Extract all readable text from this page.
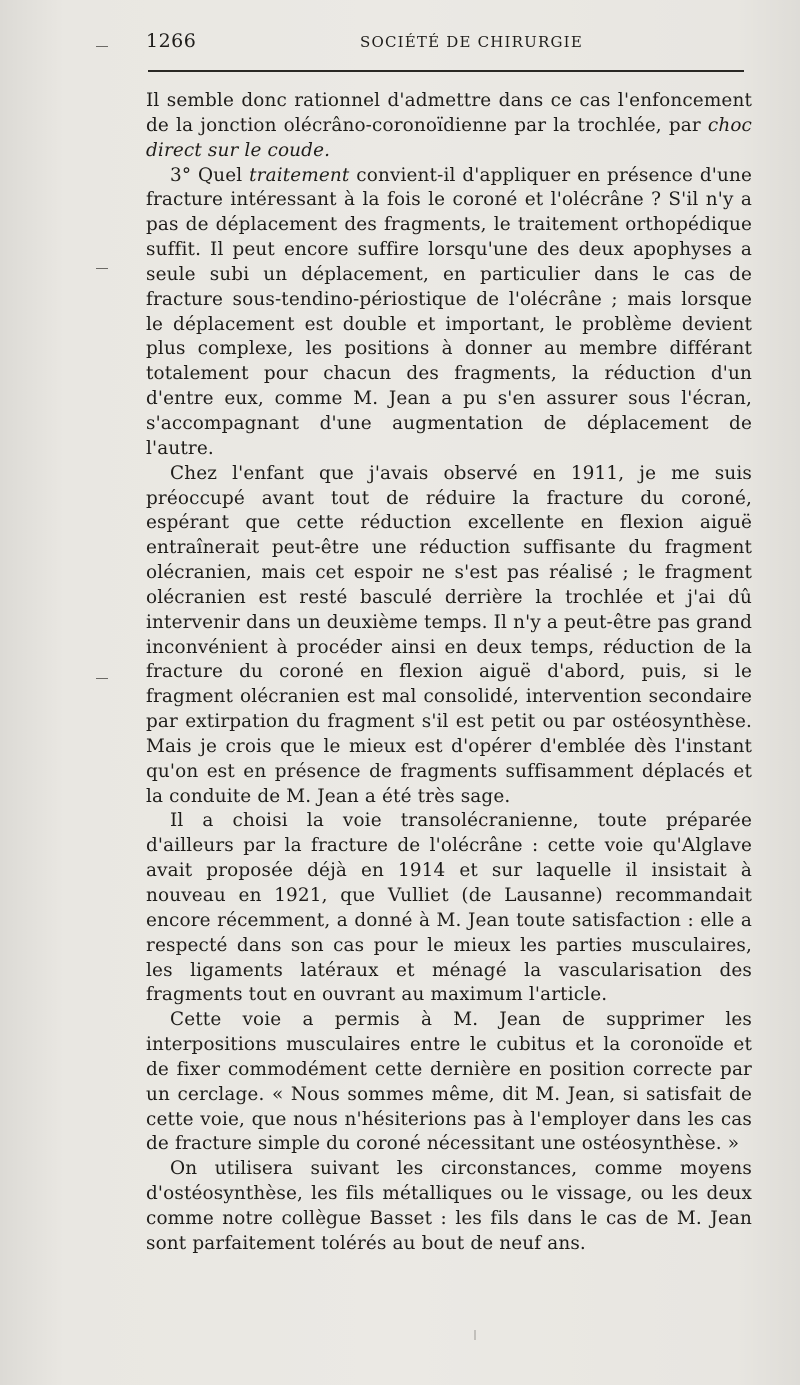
1266	SOCIÉTÉ DE CHIRURGIE

Il semble donc rationnel d'admettre dans ce cas l'enfoncement de la jonction olécrâno-coronoïdienne par la trochlée, par choc direct sur le coude.

3° Quel traitement convient-il d'appliquer en présence d'une fracture intéressant à la fois le coroné et l'olécrâne ? S'il n'y a pas de déplacement des fragments, le traitement orthopédique suffit. Il peut encore suffire lorsqu'une des deux apophyses a seule subi un déplacement, en particulier dans le cas de fracture sous-tendino-périostique de l'olécrâne ; mais lorsque le déplacement est double et important, le problème devient plus complexe, les positions à donner au membre différant totalement pour chacun des fragments, la réduction d'un d'entre eux, comme M. Jean a pu s'en assurer sous l'écran, s'accompagnant d'une augmentation de déplacement de l'autre.

Chez l'enfant que j'avais observé en 1911, je me suis préoccupé avant tout de réduire la fracture du coroné, espérant que cette réduction excellente en flexion aiguë entraînerait peut-être une réduction suffisante du fragment olécranien, mais cet espoir ne s'est pas réalisé ; le fragment olécranien est resté basculé derrière la trochlée et j'ai dû intervenir dans un deuxième temps. Il n'y a peut-être pas grand inconvénient à procéder ainsi en deux temps, réduction de la fracture du coroné en flexion aiguë d'abord, puis, si le fragment olécranien est mal consolidé, intervention secondaire par extirpation du fragment s'il est petit ou par ostéosynthèse. Mais je crois que le mieux est d'opérer d'emblée dès l'instant qu'on est en présence de fragments suffisamment déplacés et la conduite de M. Jean a été très sage.

Il a choisi la voie transolécranienne, toute préparée d'ailleurs par la fracture de l'olécrâne : cette voie qu'Alglave avait proposée déjà en 1914 et sur laquelle il insistait à nouveau en 1921, que Vulliet (de Lausanne) recommandait encore récemment, a donné à M. Jean toute satisfaction : elle a respecté dans son cas pour le mieux les parties musculaires, les ligaments latéraux et ménagé la vascularisation des fragments tout en ouvrant au maximum l'article.

Cette voie a permis à M. Jean de supprimer les interpositions musculaires entre le cubitus et la coronoïde et de fixer commodément cette dernière en position correcte par un cerclage. « Nous sommes même, dit M. Jean, si satisfait de cette voie, que nous n'hésiterions pas à l'employer dans les cas de fracture simple du coroné nécessitant une ostéosynthèse. »

On utilisera suivant les circonstances, comme moyens d'ostéosynthèse, les fils métalliques ou le vissage, ou les deux comme notre collègue Basset : les fils dans le cas de M. Jean sont parfaitement tolérés au bout de neuf ans.
